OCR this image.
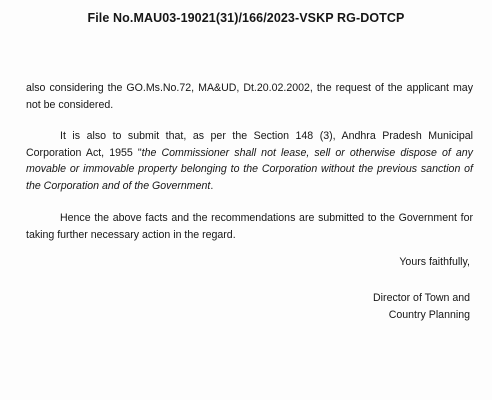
File No.MAU03-19021(31)/166/2023-VSKP RG-DOTCP

also considering the GO.Ms.No.72, MA&UD, Dt.20.02.2002, the request of the applicant may not be considered.

It is also to submit that, as per the Section 148 (3), Andhra Pradesh Municipal Corporation Act, 1955 "the Commissioner shall not lease, sell or otherwise dispose of any movable or immovable property belonging to the Corporation without the previous sanction of the Corporation and of the Government.

Hence the above facts and the recommendations are submitted to the Government for taking further necessary action in the regard.

Yours faithfully,
Director of Town and
Country Planning
